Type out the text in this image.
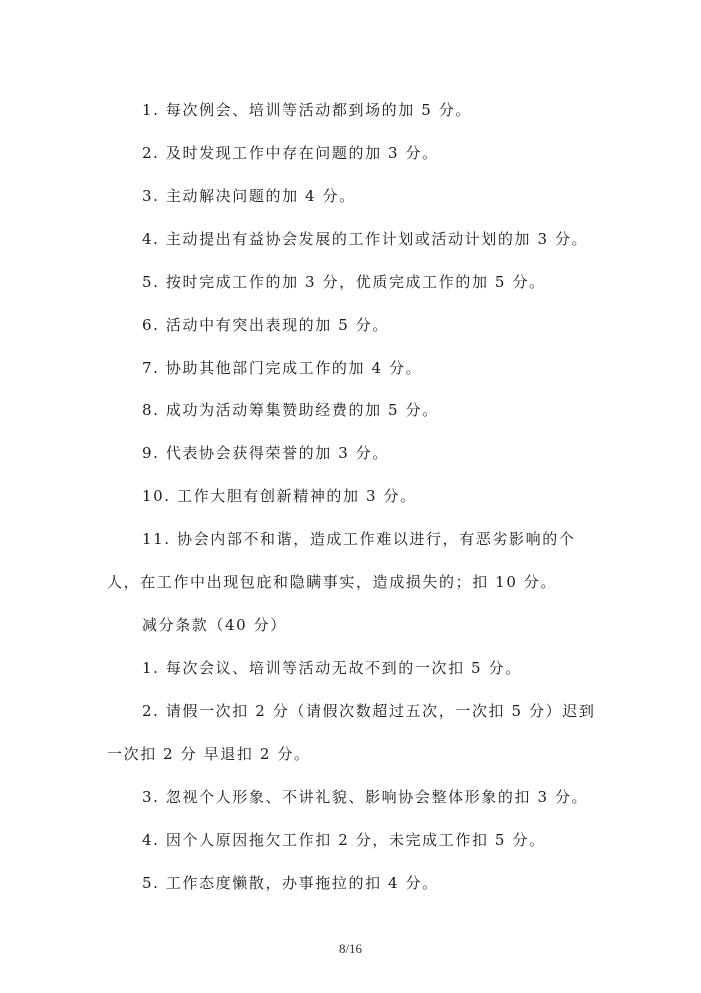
1. 每次例会、培训等活动都到场的加 5 分。
2. 及时发现工作中存在问题的加 3 分。
3. 主动解决问题的加 4 分。
4. 主动提出有益协会发展的工作计划或活动计划的加 3 分。
5. 按时完成工作的加 3 分，优质完成工作的加 5 分。
6. 活动中有突出表现的加 5 分。
7. 协助其他部门完成工作的加 4 分。
8. 成功为活动筹集赞助经费的加 5 分。
9. 代表协会获得荣誉的加 3 分。
10. 工作大胆有创新精神的加 3 分。
11. 协会内部不和谐，造成工作难以进行，有恶劣影响的个
人，在工作中出现包庇和隐瞒事实，造成损失的；扣 10 分。
减分条款（40 分）
1. 每次会议、培训等活动无故不到的一次扣 5 分。
2. 请假一次扣 2 分（请假次数超过五次，一次扣 5 分）迟到
一次扣 2 分 早退扣 2 分。
3. 忽视个人形象、不讲礼貌、影响协会整体形象的扣 3 分。
4. 因个人原因拖欠工作扣 2 分，未完成工作扣 5 分。
5. 工作态度懒散，办事拖拉的扣 4 分。
8/16
